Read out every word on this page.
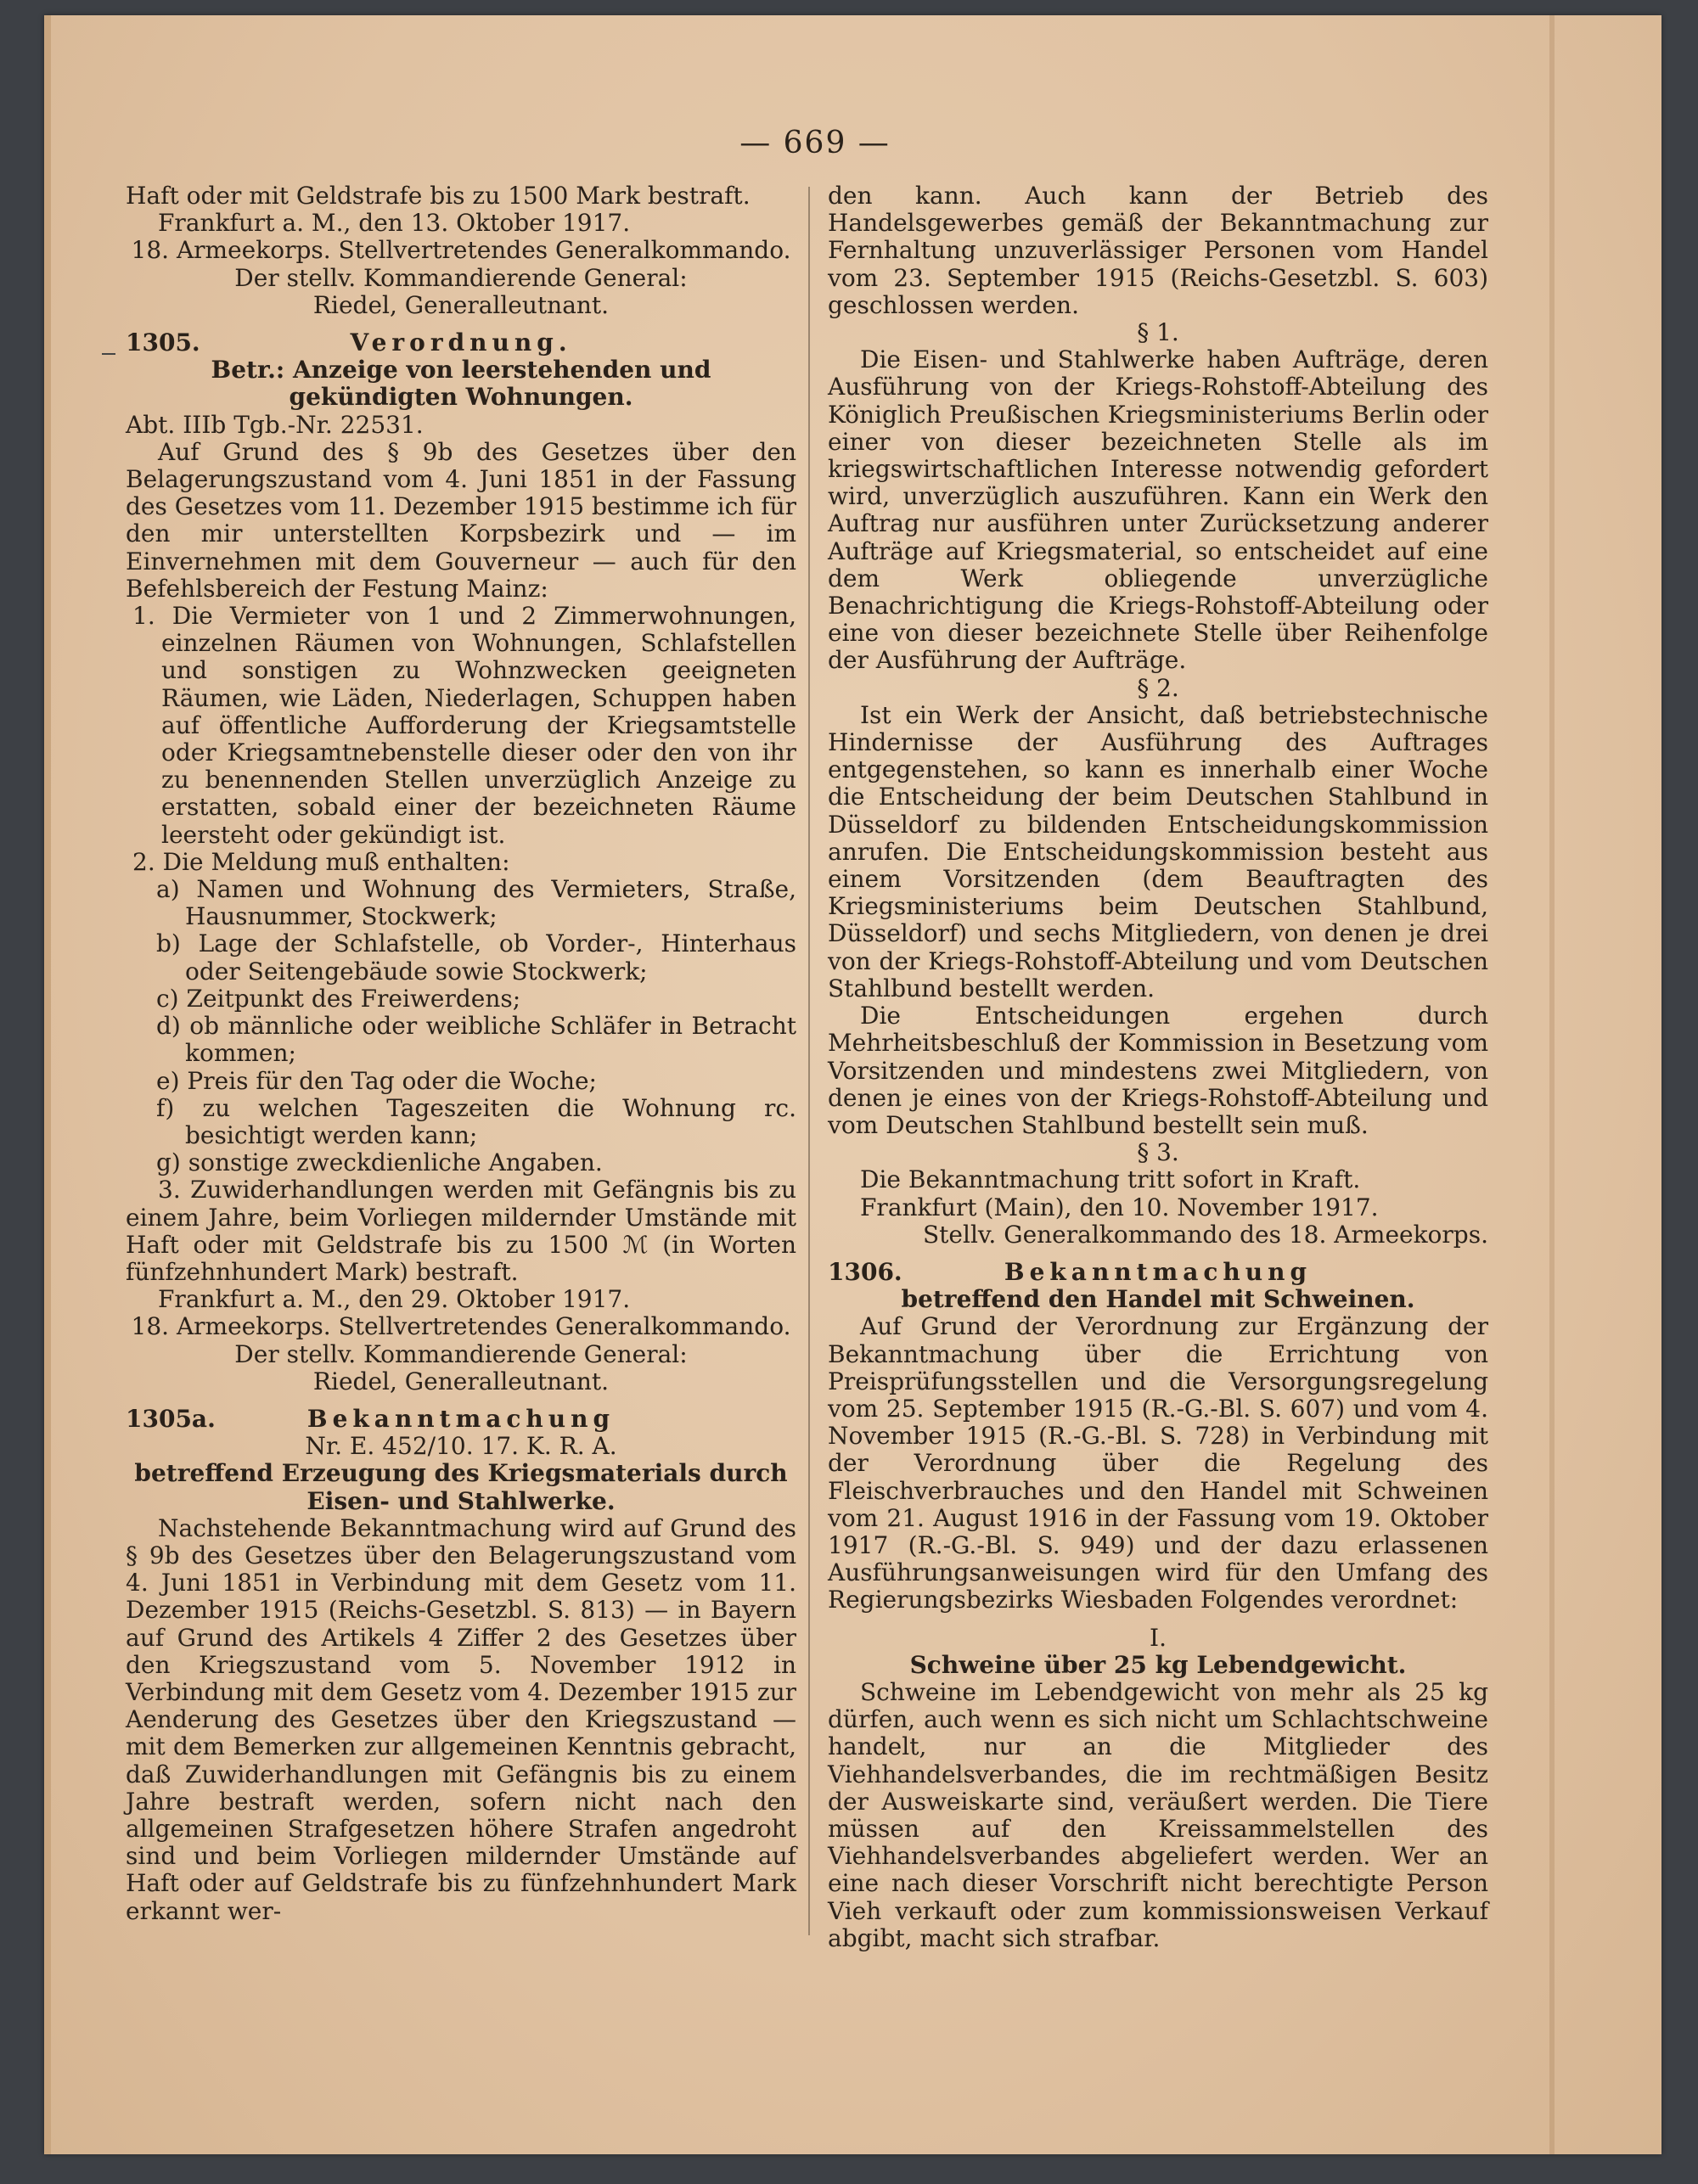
— 669 —

Haft oder mit Geldstrafe bis zu 1500 Mark bestraft.

Frankfurt a. M., den 13. Oktober 1917.

18. Armeekorps. Stellvertretendes Generalkommando.

Der stellv. Kommandierende General:

Riedel, Generalleutnant.

1305.	Verordnung.

Betr.: Anzeige von leerstehenden und gekündigten Wohnungen.

Abt. IIIb Tgb.-Nr. 22531.

Auf Grund des § 9b des Gesetzes über den Belagerungszustand vom 4. Juni 1851 in der Fassung des Gesetzes vom 11. Dezember 1915 bestimme ich für den mir unterstellten Korpsbezirk und — im Einvernehmen mit dem Gouverneur — auch für den Befehlsbereich der Festung Mainz:

1. Die Vermieter von 1 und 2 Zimmerwohnungen, einzelnen Räumen von Wohnungen, Schlafstellen und sonstigen zu Wohnzwecken geeigneten Räumen, wie Läden, Niederlagen, Schuppen haben auf öffentliche Aufforderung der Kriegsamtstelle oder Kriegsamtnebenstelle dieser oder den von ihr zu benennenden Stellen unverzüglich Anzeige zu erstatten, sobald einer der bezeichneten Räume leersteht oder gekündigt ist.

2. Die Meldung muß enthalten:

a) Namen und Wohnung des Vermieters, Straße, Hausnummer, Stockwerk;

b) Lage der Schlafstelle, ob Vorder-, Hinterhaus oder Seitengebäude sowie Stockwerk;

c) Zeitpunkt des Freiwerdens;

d) ob männliche oder weibliche Schläfer in Betracht kommen;

e) Preis für den Tag oder die Woche;

f) zu welchen Tageszeiten die Wohnung rc. besichtigt werden kann;

g) sonstige zweckdienliche Angaben.

3. Zuwiderhandlungen werden mit Gefängnis bis zu einem Jahre, beim Vorliegen mildernder Umstände mit Haft oder mit Geldstrafe bis zu 1500 ℳ (in Worten fünfzehnhundert Mark) bestraft.

Frankfurt a. M., den 29. Oktober 1917.

18. Armeekorps. Stellvertretendes Generalkommando.

Der stellv. Kommandierende General:

Riedel, Generalleutnant.

1305a.	Bekanntmachung

Nr. E. 452/10. 17. K. R. A.

betreffend Erzeugung des Kriegsmaterials durch Eisen- und Stahlwerke.

Nachstehende Bekanntmachung wird auf Grund des § 9b des Gesetzes über den Belagerungszustand vom 4. Juni 1851 in Verbindung mit dem Gesetz vom 11. Dezember 1915 (Reichs-Gesetzbl. S. 813) — in Bayern auf Grund des Artikels 4 Ziffer 2 des Gesetzes über den Kriegszustand vom 5. November 1912 in Verbindung mit dem Gesetz vom 4. Dezember 1915 zur Aenderung des Gesetzes über den Kriegszustand — mit dem Bemerken zur allgemeinen Kenntnis gebracht, daß Zuwiderhandlungen mit Gefängnis bis zu einem Jahre bestraft werden, sofern nicht nach den allgemeinen Strafgesetzen höhere Strafen angedroht sind und beim Vorliegen mildernder Umstände auf Haft oder auf Geldstrafe bis zu fünfzehnhundert Mark erkannt wer-

den kann. Auch kann der Betrieb des Handelsgewerbes gemäß der Bekanntmachung zur Fernhaltung unzuverlässiger Personen vom Handel vom 23. September 1915 (Reichs-Gesetzbl. S. 603) geschlossen werden.

§ 1.

Die Eisen- und Stahlwerke haben Aufträge, deren Ausführung von der Kriegs-Rohstoff-Abteilung des Königlich Preußischen Kriegsministeriums Berlin oder einer von dieser bezeichneten Stelle als im kriegswirtschaftlichen Interesse notwendig gefordert wird, unverzüglich auszuführen. Kann ein Werk den Auftrag nur ausführen unter Zurücksetzung anderer Aufträge auf Kriegsmaterial, so entscheidet auf eine dem Werk obliegende unverzügliche Benachrichtigung die Kriegs-Rohstoff-Abteilung oder eine von dieser bezeichnete Stelle über Reihenfolge der Ausführung der Aufträge.

§ 2.

Ist ein Werk der Ansicht, daß betriebstechnische Hindernisse der Ausführung des Auftrages entgegenstehen, so kann es innerhalb einer Woche die Entscheidung der beim Deutschen Stahlbund in Düsseldorf zu bildenden Entscheidungskommission anrufen. Die Entscheidungskommission besteht aus einem Vorsitzenden (dem Beauftragten des Kriegsministeriums beim Deutschen Stahlbund, Düsseldorf) und sechs Mitgliedern, von denen je drei von der Kriegs-Rohstoff-Abteilung und vom Deutschen Stahlbund bestellt werden.

Die Entscheidungen ergehen durch Mehrheitsbeschluß der Kommission in Besetzung vom Vorsitzenden und mindestens zwei Mitgliedern, von denen je eines von der Kriegs-Rohstoff-Abteilung und vom Deutschen Stahlbund bestellt sein muß.

§ 3.

Die Bekanntmachung tritt sofort in Kraft.

Frankfurt (Main), den 10. November 1917.

Stellv. Generalkommando des 18. Armeekorps.

1306.	Bekanntmachung

betreffend den Handel mit Schweinen.

Auf Grund der Verordnung zur Ergänzung der Bekanntmachung über die Errichtung von Preisprüfungsstellen und die Versorgungsregelung vom 25. September 1915 (R.-G.-Bl. S. 607) und vom 4. November 1915 (R.-G.-Bl. S. 728) in Verbindung mit der Verordnung über die Regelung des Fleischverbrauches und den Handel mit Schweinen vom 21. August 1916 in der Fassung vom 19. Oktober 1917 (R.-G.-Bl. S. 949) und der dazu erlassenen Ausführungsanweisungen wird für den Umfang des Regierungsbezirks Wiesbaden Folgendes verordnet:

I.

Schweine über 25 kg Lebendgewicht.

Schweine im Lebendgewicht von mehr als 25 kg dürfen, auch wenn es sich nicht um Schlachtschweine handelt, nur an die Mitglieder des Viehhandelsverbandes, die im rechtmäßigen Besitz der Ausweiskarte sind, veräußert werden. Die Tiere müssen auf den Kreissammelstellen des Viehhandelsverbandes abgeliefert werden. Wer an eine nach dieser Vorschrift nicht berechtigte Person Vieh verkauft oder zum kommissionsweisen Verkauf abgibt, macht sich strafbar.
